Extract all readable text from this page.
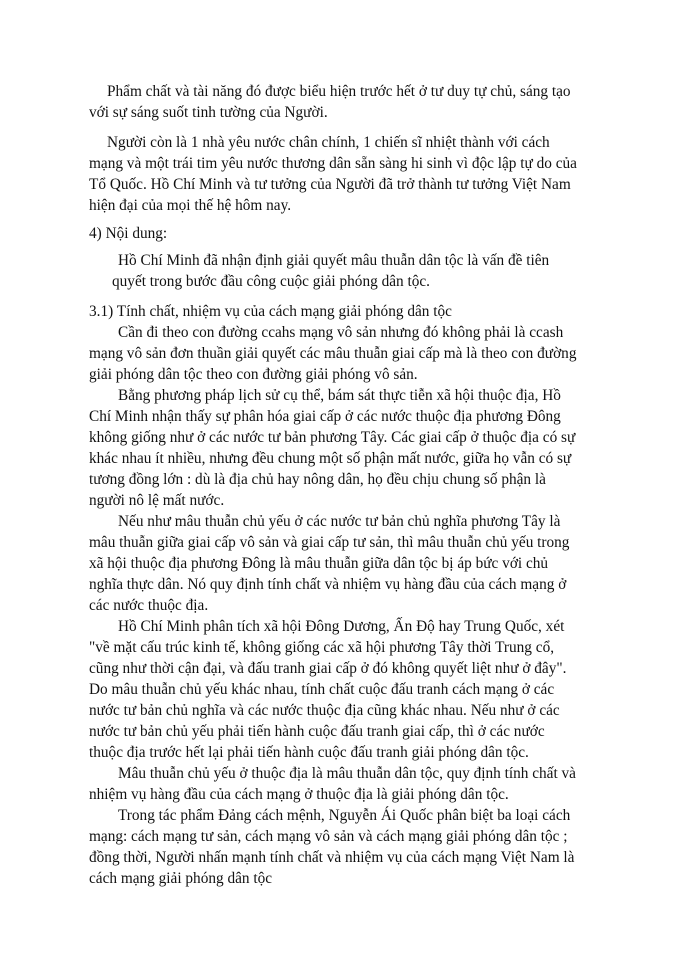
Phẩm chất và tài năng đó được biểu hiện trước hết ở tư duy tự chủ, sáng tạo
với sự sáng suốt tinh tường của Người.
Người còn là 1 nhà yêu nước chân chính, 1 chiến sĩ nhiệt thành với cách
mạng và một trái tim yêu nước thương dân sẵn sàng hi sinh vì độc lập tự do của
Tổ Quốc. Hồ Chí Minh và tư tưởng của Người đã trở thành tư tưởng Việt Nam
hiện đại của mọi thế hệ hôm nay.
4) Nội dung:
Hồ Chí Minh đã nhận định giải quyết mâu thuẫn dân tộc là vấn đề tiên
quyết trong bước đầu công cuộc giải phóng dân tộc.
3.1) Tính chất, nhiệm vụ của cách mạng giải phóng dân tộc
Cần đi theo con đường ccahs mạng vô sản nhưng đó không phải là ccash
mạng vô sản đơn thuần giải quyết các mâu thuẫn giai cấp mà là theo con đường
giải phóng dân tộc theo con đường giải phóng vô sản.
Bằng phương pháp lịch sử cụ thể, bám sát thực tiễn xã hội thuộc địa, Hồ
Chí Minh nhận thấy sự phân hóa giai cấp ở các nước thuộc địa phương Đông
không giống như ở các nước tư bản phương Tây. Các giai cấp ở thuộc địa có sự
khác nhau ít nhiều, nhưng đều chung một số phận mất nước, giữa họ vẫn có sự
tương đồng lớn : dù là địa chủ hay nông dân, họ đều chịu chung số phận là
người nô lệ mất nước.
Nếu như mâu thuẫn chủ yếu ở các nước tư bản chủ nghĩa phương Tây là
mâu thuẫn giữa giai cấp vô sản và giai cấp tư sản, thì mâu thuẫn chủ yếu trong
xã hội thuộc địa phương Đông là mâu thuẫn giữa dân tộc bị áp bức với chủ
nghĩa thực dân. Nó quy định tính chất và nhiệm vụ hàng đầu của cách mạng ở
các nước thuộc địa.
Hồ Chí Minh phân tích xã hội Đông Dương, Ấn Độ hay Trung Quốc, xét
"về mặt cấu trúc kinh tế, không giống các xã hội phương Tây thời Trung cổ,
cũng như thời cận đại, và đấu tranh giai cấp ở đó không quyết liệt như ở đây".
Do mâu thuẫn chủ yếu khác nhau, tính chất cuộc đấu tranh cách mạng ở các
nước tư bản chủ nghĩa và các nước thuộc địa cũng khác nhau. Nếu như ở các
nước tư bản chủ yếu phải tiến hành cuộc đấu tranh giai cấp, thì ở các nước
thuộc địa trước hết lại phải tiến hành cuộc đấu tranh giải phóng dân tộc.
Mâu thuẫn chủ yếu ở thuộc địa là mâu thuẫn dân tộc, quy định tính chất và
nhiệm vụ hàng đầu của cách mạng ở thuộc địa là giải phóng dân tộc.
Trong tác phẩm Đảng cách mệnh, Nguyễn Ái Quốc phân biệt ba loại cách
mạng: cách mạng tư sản, cách mạng vô sản và cách mạng giải phóng dân tộc ;
đồng thời, Người nhấn mạnh tính chất và nhiệm vụ của cách mạng Việt Nam là
cách mạng giải phóng dân tộc
